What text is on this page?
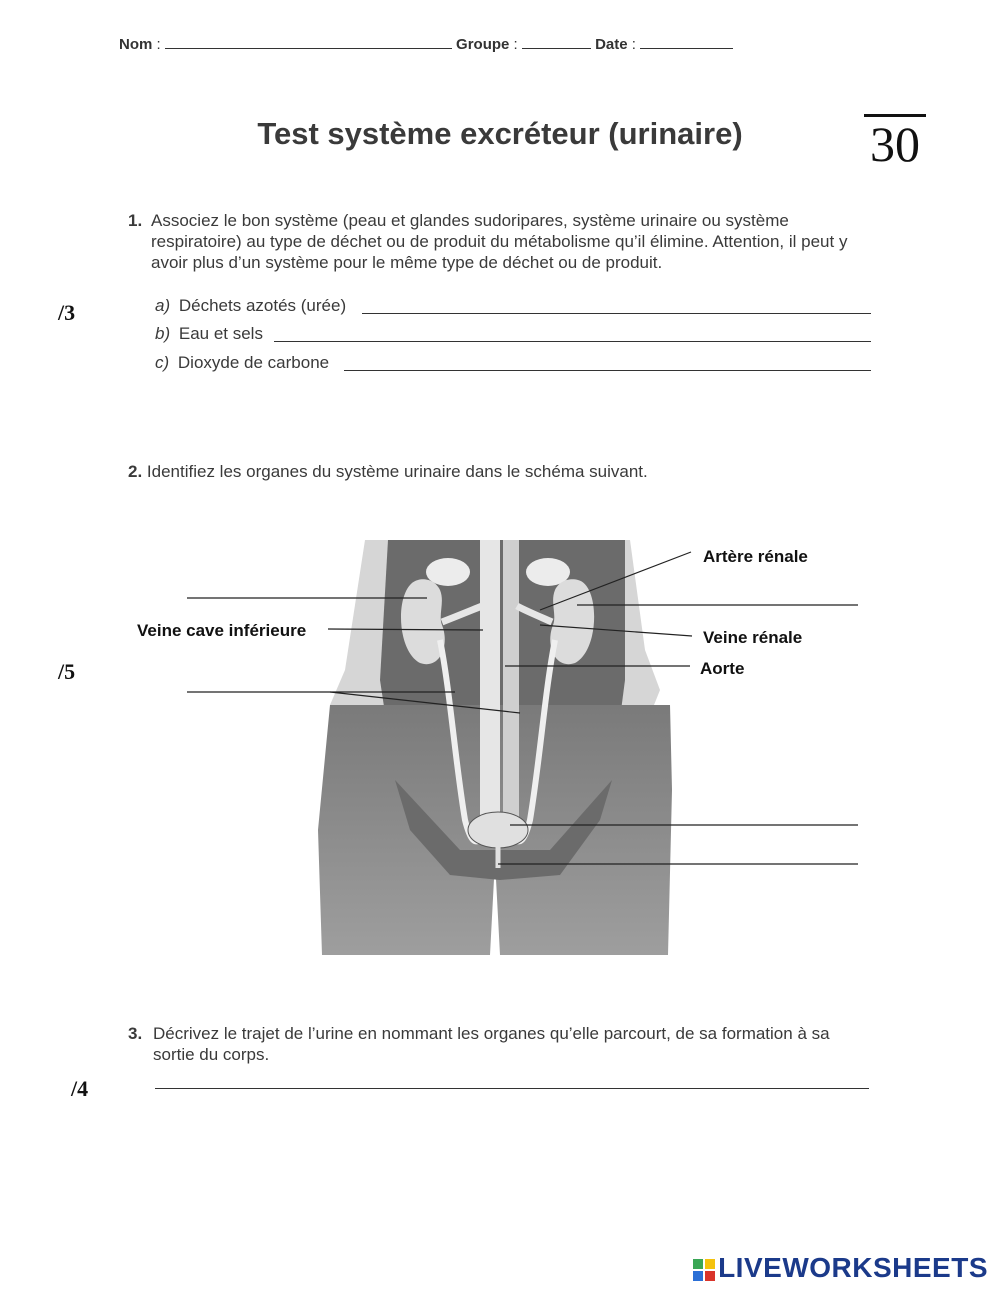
Nom :	Groupe :	Date :
Test système excréteur (urinaire)	30
1. Associez le bon système (peau et glandes sudoripares, système urinaire ou système respiratoire) au type de déchet ou de produit du métabolisme qu’il élimine. Attention, il peut y avoir plus d’un système pour le même type de déchet ou de produit.
/3	a) Déchets azotés (urée)
b) Eau et sels
c) Dioxyde de carbone
2. Identifiez les organes du système urinaire dans le schéma suivant.
/5
Artère rénale
Veine cave inférieure	Veine rénale
Aorte
3. Décrivez le trajet de l’urine en nommant les organes qu’elle parcourt, de sa formation à sa sortie du corps.
/4
LIVEWORKSHEETS
